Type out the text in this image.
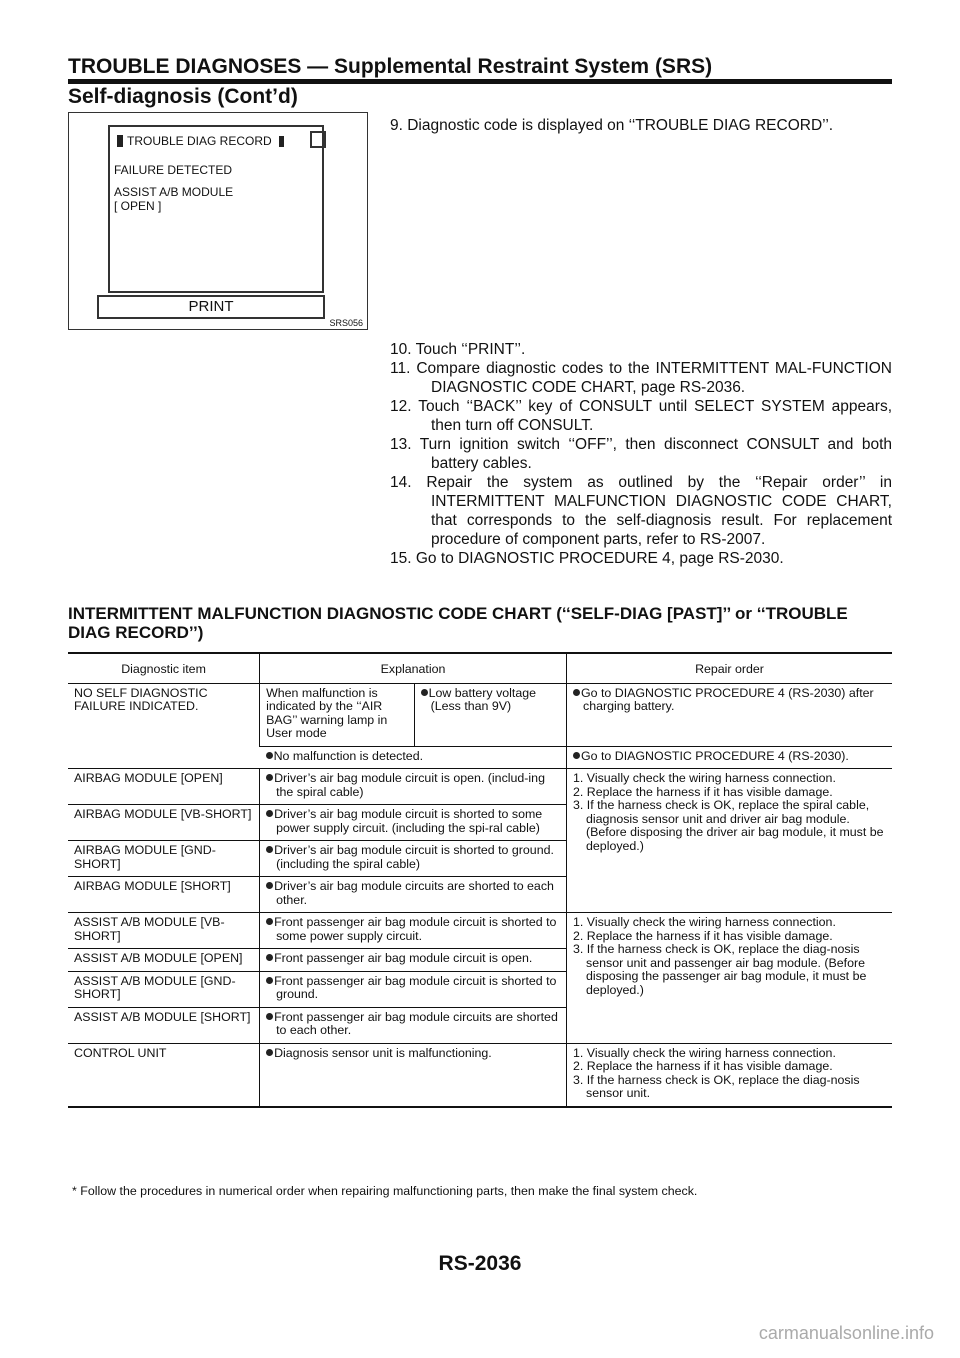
TROUBLE DIAGNOSES — Supplemental Restraint System (SRS)
Self-diagnosis (Cont’d)
TROUBLE DIAG RECORD
FAILURE DETECTED
ASSIST A/B MODULE
[ OPEN ]
PRINT
SRS056

9. Diagnostic code is displayed on ‘‘TROUBLE DIAG RECORD’’.

10. Touch ‘‘PRINT’’.

11. Compare diagnostic codes to the INTERMITTENT MAL-FUNCTION DIAGNOSTIC CODE CHART, page RS-2036.

12. Touch ‘‘BACK’’ key of CONSULT until SELECT SYSTEM appears, then turn off CONSULT.

13. Turn ignition switch ‘‘OFF’’, then disconnect CONSULT and both battery cables.

14. Repair the system as outlined by the ‘‘Repair order’’ in INTERMITTENT MALFUNCTION DIAGNOSTIC CODE CHART, that corresponds to the self-diagnosis result. For replacement procedure of component parts, refer to RS-2007.

15. Go to DIAGNOSTIC PROCEDURE 4, page RS-2030.

INTERMITTENT MALFUNCTION DIAGNOSTIC CODE CHART (‘‘SELF-DIAG [PAST]’’ or ‘‘TROUBLE DIAG RECORD’’)
Diagnostic item	Explanation		Repair order
NO SELF DIAGNOSTIC FAILURE INDICATED.	When malfunction is indicated by the ‘‘AIR BAG’’ warning lamp in User mode	Low battery voltage (Less than 9V)	Go to DIAGNOSTIC PROCEDURE 4 (RS-2030) after charging battery.

	No malfunction is detected.		Go to DIAGNOSTIC PROCEDURE 4 (RS-2030).

AIRBAG MODULE [OPEN]	Driver’s air bag module circuit is open. (includ-ing the spiral cable)		1. Visually check the wiring harness connection.

2. Replace the harness if it has visible damage.

3. If the harness check is OK, replace the spiral cable, diagnosis sensor unit and driver air bag module. (Before disposing the driver air bag module, it must be deployed.)

AIRBAG MODULE [VB-SHORT]	Driver’s air bag module circuit is shorted to some power supply circuit. (including the spi-ral cable)		

AIRBAG MODULE [GND-SHORT]	Driver’s air bag module circuit is shorted to ground. (including the spiral cable)		

AIRBAG MODULE [SHORT]	Driver’s air bag module circuits are shorted to each other.		

ASSIST A/B MODULE [VB-SHORT]	Front passenger air bag module circuit is shorted to some power supply circuit.		1. Visually check the wiring harness connection.

2. Replace the harness if it has visible damage.

3. If the harness check is OK, replace the diag-nosis sensor unit and passenger air bag module. (Before disposing the passenger air bag module, it must be deployed.)

ASSIST A/B MODULE [OPEN]	Front passenger air bag module circuit is open.		

ASSIST A/B MODULE [GND-SHORT]	Front passenger air bag module circuit is shorted to ground.		

ASSIST A/B MODULE [SHORT]	Front passenger air bag module circuits are shorted to each other.		

CONTROL UNIT	Diagnosis sensor unit is malfunctioning.		1. Visually check the wiring harness connection.

2. Replace the harness if it has visible damage.

3. If the harness check is OK, replace the diag-nosis sensor unit.

* Follow the procedures in numerical order when repairing malfunctioning parts, then make the final system check.
RS-2036
carmanualsonline.info
